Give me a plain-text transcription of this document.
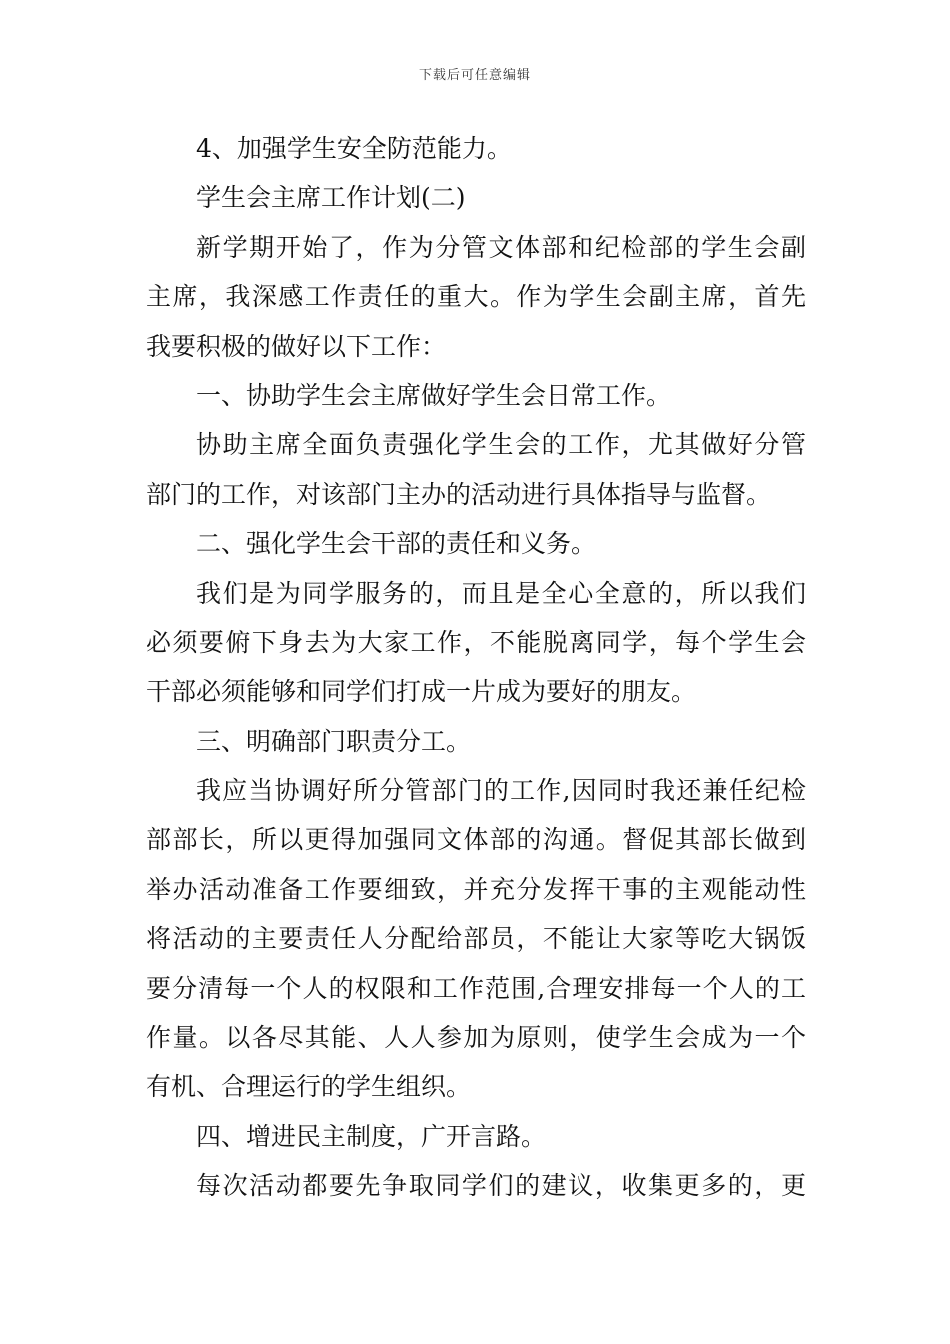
下载后可任意编辑
4、加强学生安全防范能力。
学生会主席工作计划(二)
新学期开始了，作为分管文体部和纪检部的学生会副
主席，我深感工作责任的重大。作为学生会副主席，首先
我要积极的做好以下工作：
一、协助学生会主席做好学生会日常工作。
协助主席全面负责强化学生会的工作，尤其做好分管
部门的工作，对该部门主办的活动进行具体指导与监督。
二、强化学生会干部的责任和义务。
我们是为同学服务的，而且是全心全意的，所以我们
必须要俯下身去为大家工作，不能脱离同学，每个学生会
干部必须能够和同学们打成一片成为要好的朋友。
三、明确部门职责分工。
我应当协调好所分管部门的工作,因同时我还兼任纪检
部部长，所以更得加强同文体部的沟通。督促其部长做到
举办活动准备工作要细致，并充分发挥干事的主观能动性
将活动的主要责任人分配给部员，不能让大家等吃大锅饭
要分清每一个人的权限和工作范围,合理安排每一个人的工
作量。以各尽其能、人人参加为原则，使学生会成为一个
有机、合理运行的学生组织。
四、增进民主制度，广开言路。
每次活动都要先争取同学们的建议，收集更多的，更
